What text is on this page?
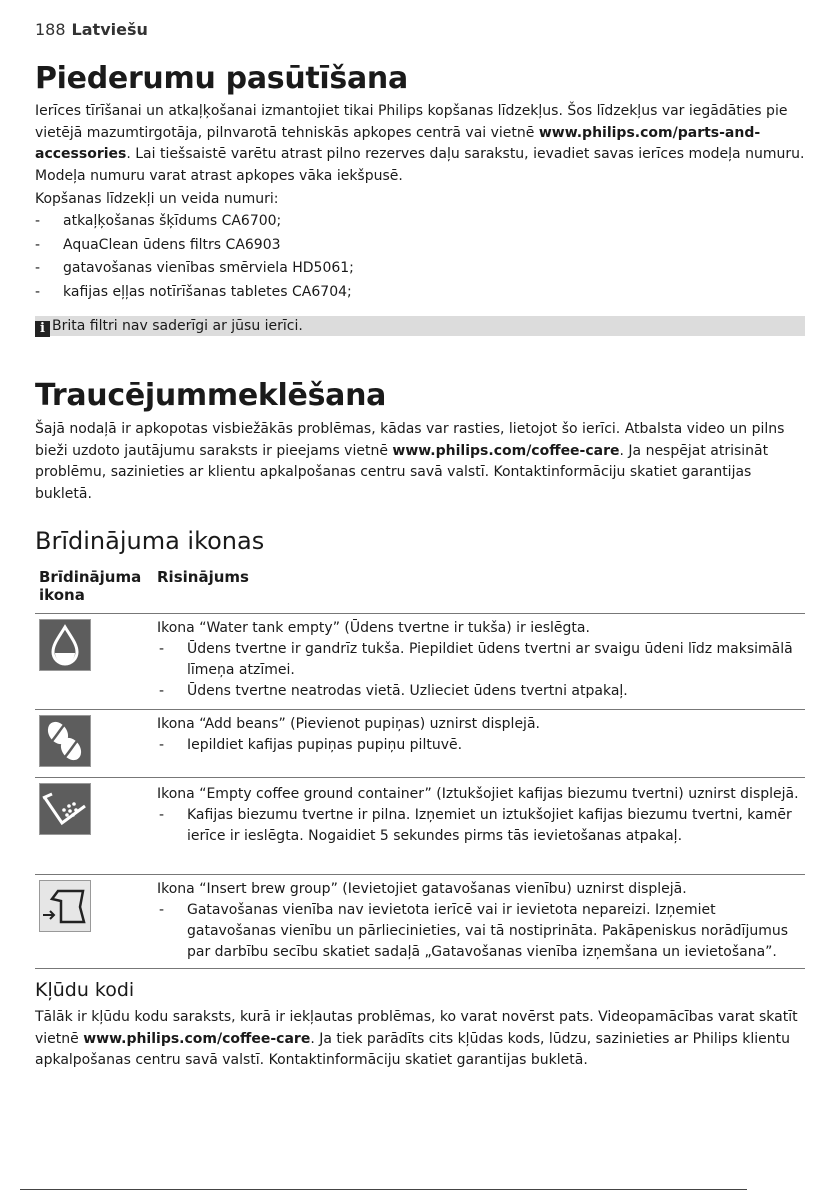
188 Latviešu
Piederumu pasūtīšana

Ierīces tīrīšanai un atkaļķošanai izmantojiet tikai Philips kopšanas līdzekļus. Šos līdzekļus var iegādāties pie vietējā mazumtirgotāja, pilnvarotā tehniskās apkopes centrā vai vietnē www.philips.com/parts-and-accessories. Lai tiešsaistē varētu atrast pilno rezerves daļu sarakstu, ievadiet savas ierīces modeļa numuru. Modeļa numuru varat atrast apkopes vāka iekšpusē.

Kopšanas līdzekļi un veida numuri:

- atkaļķošanas šķīdums CA6700;
- AquaClean ūdens filtrs CA6903
- gatavošanas vienības smērviela HD5061;
- kafijas eļļas notīrīšanas tabletes CA6704;
i Brita filtri nav saderīgi ar jūsu ierīci.
Traucējummeklēšana

Šajā nodaļā ir apkopotas visbiežākās problēmas, kādas var rasties, lietojot šo ierīci. Atbalsta video un pilns bieži uzdoto jautājumu saraksts ir pieejams vietnē www.philips.com/coffee-care. Ja nespējat atrisināt problēmu, sazinieties ar klientu apkalpošanas centru savā valstī. Kontaktinformāciju skatiet garantijas bukletā.

Brīdinājuma ikonas
Brīdinājuma ikona
Risinājums

Ikona “Water tank empty” (Ūdens tvertne ir tukša) ir ieslēgta.

- Ūdens tvertne ir gandrīz tukša. Piepildiet ūdens tvertni ar svaigu ūdeni līdz maksimālā līmeņa atzīmei.

- Ūdens tvertne neatrodas vietā. Uzlieciet ūdens tvertni atpakaļ.

Ikona “Add beans” (Pievienot pupiņas) uznirst displejā.

- Iepildiet kafijas pupiņas pupiņu piltuvē.

Ikona “Empty coffee ground container” (Iztukšojiet kafijas biezumu tvertni) uznirst displejā.

- Kafijas biezumu tvertne ir pilna. Izņemiet un iztukšojiet kafijas biezumu tvertni, kamēr ierīce ir ieslēgta. Nogaidiet 5 sekundes pirms tās ievietošanas atpakaļ.

Ikona “Insert brew group” (Ievietojiet gatavošanas vienību) uznirst displejā.

- Gatavošanas vienība nav ievietota ierīcē vai ir ievietota nepareizi. Izņemiet gatavošanas vienību un pārliecinieties, vai tā nostiprināta. Pakāpeniskus norādījumus par darbību secību skatiet sadaļā „Gatavošanas vienība izņemšana un ievietošana”.

Kļūdu kodi

Tālāk ir kļūdu kodu saraksts, kurā ir iekļautas problēmas, ko varat novērst pats. Videopamācības varat skatīt vietnē www.philips.com/coffee-care. Ja tiek parādīts cits kļūdas kods, lūdzu, sazinieties ar Philips klientu apkalpošanas centru savā valstī. Kontaktinformāciju skatiet garantijas bukletā.
